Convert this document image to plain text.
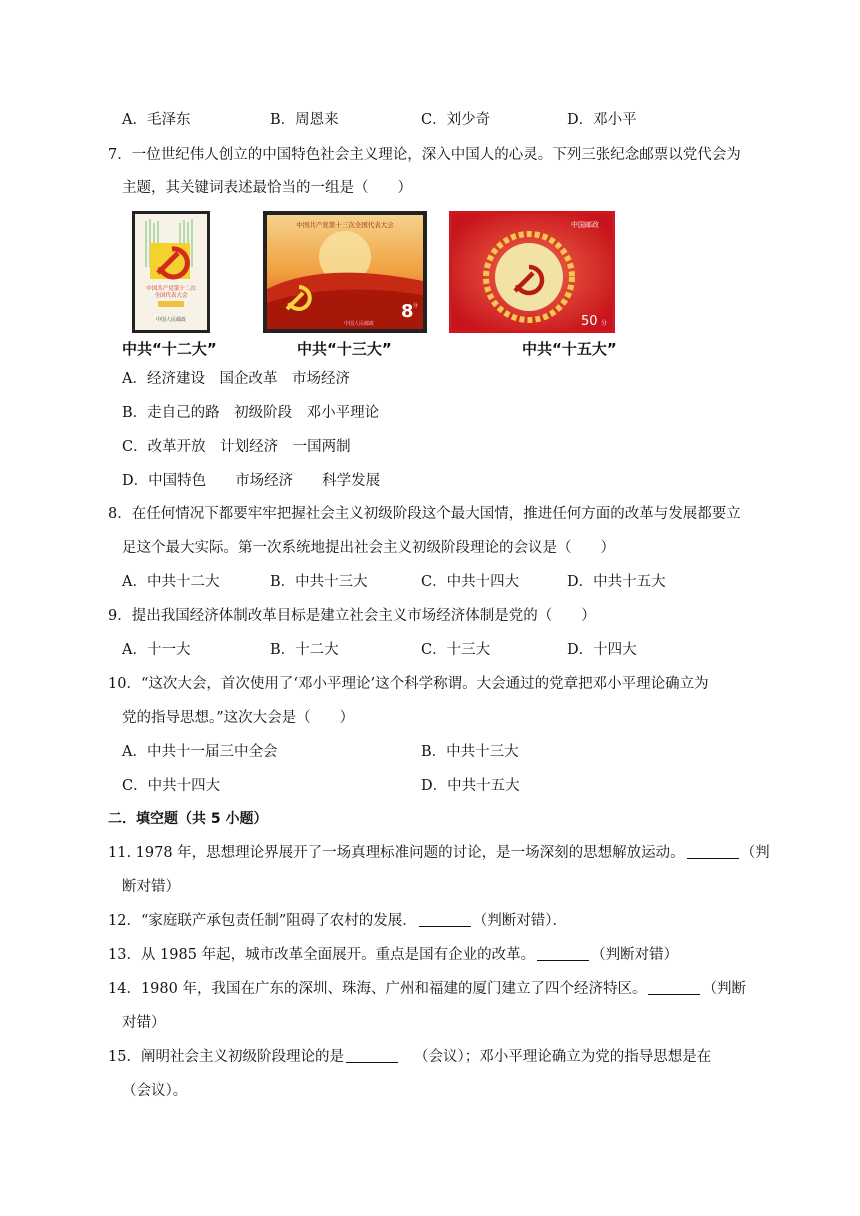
A．毛泽东	B．周恩来	C．刘少奇	D．邓小平
7．一位世纪伟人创立的中国特色社会主义理论，深入中国人的心灵。下列三张纪念邮票以党代会为
主题，其关键词表述最恰当的一组是（　　）
中国共产党第十二次
全国代表大会
中国人民邮政
中国共产党第十三次全国代表大会
8 分
中国人民邮政
中国邮政
50 分
中共“十二大”	中共“十三大”	中共“十五大”
A．经济建设　国企改革　市场经济
B．走自己的路　初级阶段　邓小平理论
C．改革开放　计划经济　一国两制
D．中国特色　　市场经济　　科学发展
8．在任何情况下都要牢牢把握社会主义初级阶段这个最大国情，推进任何方面的改革与发展都要立
足这个最大实际。第一次系统地提出社会主义初级阶段理论的会议是（　　）
A．中共十二大	B．中共十三大	C．中共十四大	D．中共十五大
9．提出我国经济体制改革目标是建立社会主义市场经济体制是党的（　　）
A．十一大	B．十二大	C．十三大	D．十四大
10．“这次大会，首次使用了‘邓小平理论’这个科学称谓。大会通过的党章把邓小平理论确立为
党的指导思想。”这次大会是（　　）
A．中共十一届三中全会	B．中共十三大
C．中共十四大	D．中共十五大
二．填空题（共 5 小题）
11. 1978 年，思想理论界展开了一场真理标准问题的讨论，是一场深刻的思想解放运动。	（判
断对错）
12．“家庭联产承包责任制”阻碍了农村的发展．	（判断对错）．
13．从 1985 年起，城市改革全面展开。重点是国有企业的改革。	（判断对错）
14．1980 年，我国在广东的深圳、珠海、广州和福建的厦门建立了四个经济特区。	（判断
对错）
15．阐明社会主义初级阶段理论的是	（会议）；邓小平理论确立为党的指导思想是在
（会议）。
